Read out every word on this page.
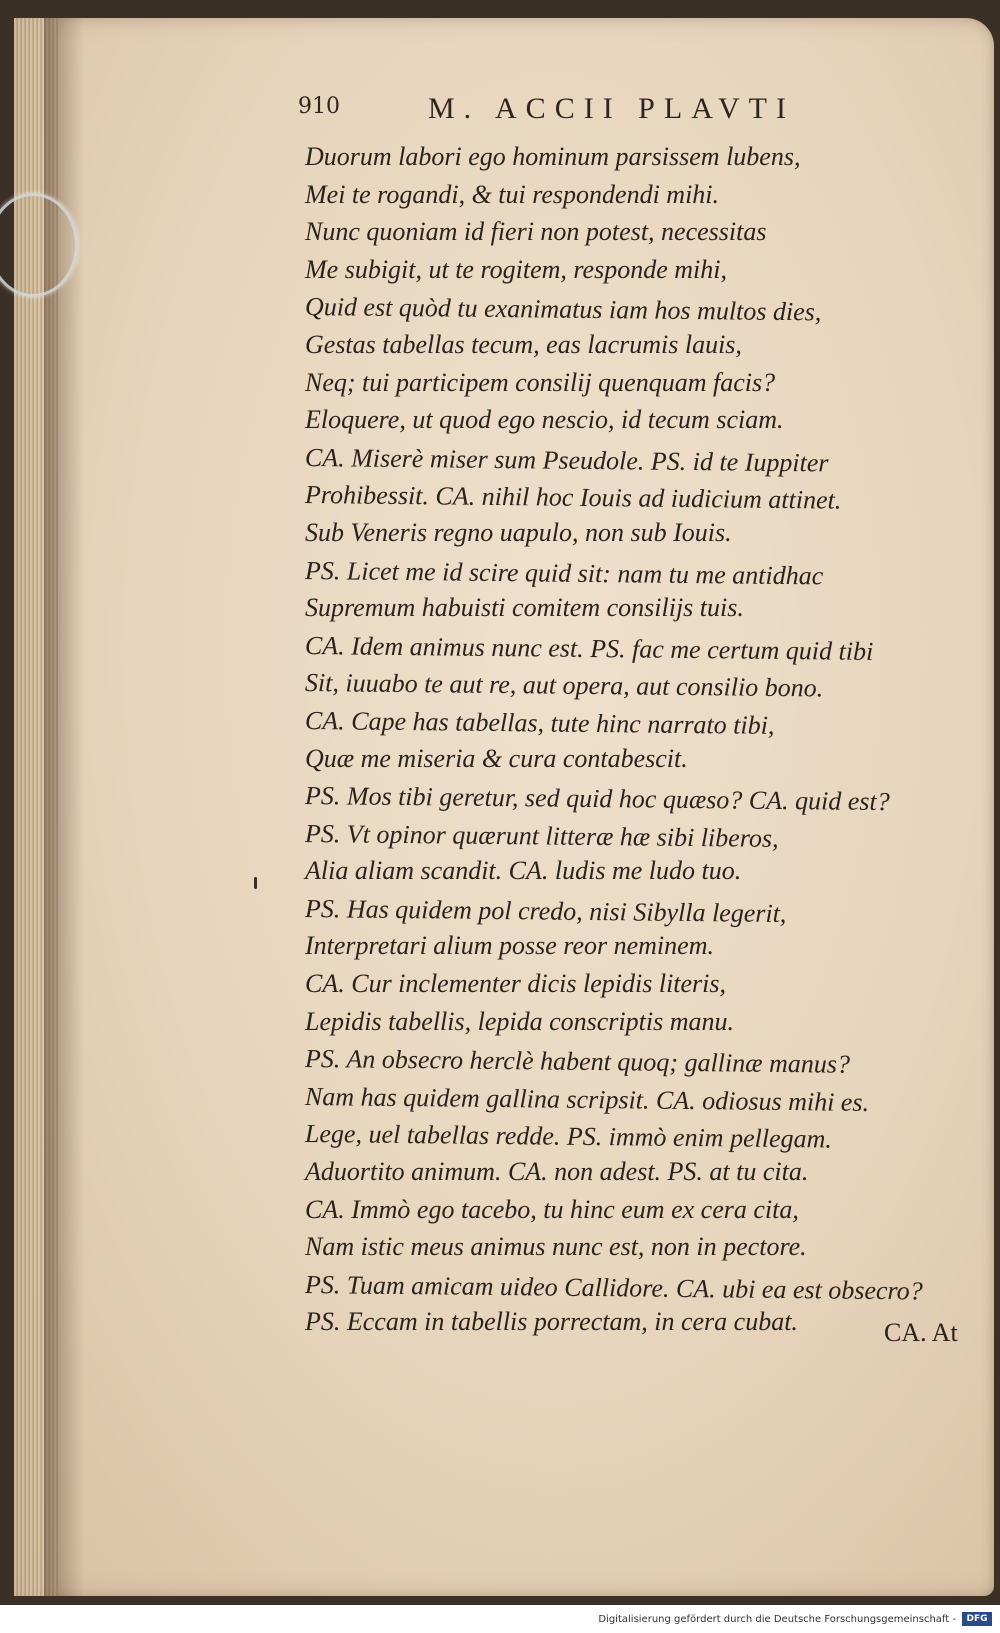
910	M. ACCII PLAVTI
Duorum labori ego hominum parsissem lubens,
Mei te rogandi, & tui respondendi mihi.
Nunc quoniam id fieri non potest, necessitas
Me subigit, ut te rogitem, responde mihi,
Quid est quòd tu exanimatus iam hos multos dies,
Gestas tabellas tecum, eas lacrumis lauis,
Neq; tui participem consilij quenquam facis?
Eloquere, ut quod ego nescio, id tecum sciam.
CA. Miserè miser sum Pseudole. PS. id te Iuppiter
Prohibessit. CA. nihil hoc Iouis ad iudicium attinet.
Sub Veneris regno uapulo, non sub Iouis.
PS. Licet me id scire quid sit: nam tu me antidhac
Supremum habuisti comitem consilijs tuis.
CA. Idem animus nunc est. PS. fac me certum quid tibi
Sit, iuuabo te aut re, aut opera, aut consilio bono.
CA. Cape has tabellas, tute hinc narrato tibi,
Quæ me miseria & cura contabescit.
PS. Mos tibi geretur, sed quid hoc quæso? CA. quid est?
PS. Vt opinor quærunt litteræ hæ sibi liberos,
Alia aliam scandit. CA. ludis me ludo tuo.
PS. Has quidem pol credo, nisi Sibylla legerit,
Interpretari alium posse reor neminem.
CA. Cur inclementer dicis lepidis literis,
Lepidis tabellis, lepida conscriptis manu.
PS. An obsecro herclè habent quoq; gallinæ manus?
Nam has quidem gallina scripsit. CA. odiosus mihi es.
Lege, uel tabellas redde. PS. immò enim pellegam.
Aduortito animum. CA. non adest. PS. at tu cita.
CA. Immò ego tacebo, tu hinc eum ex cera cita,
Nam istic meus animus nunc est, non in pectore.
PS. Tuam amicam uideo Callidore. CA. ubi ea est obsecro?
PS. Eccam in tabellis porrectam, in cera cubat.	CA. At
Digitalisierung gefördert durch die Deutsche Forschungsgemeinschaft -	DFG
